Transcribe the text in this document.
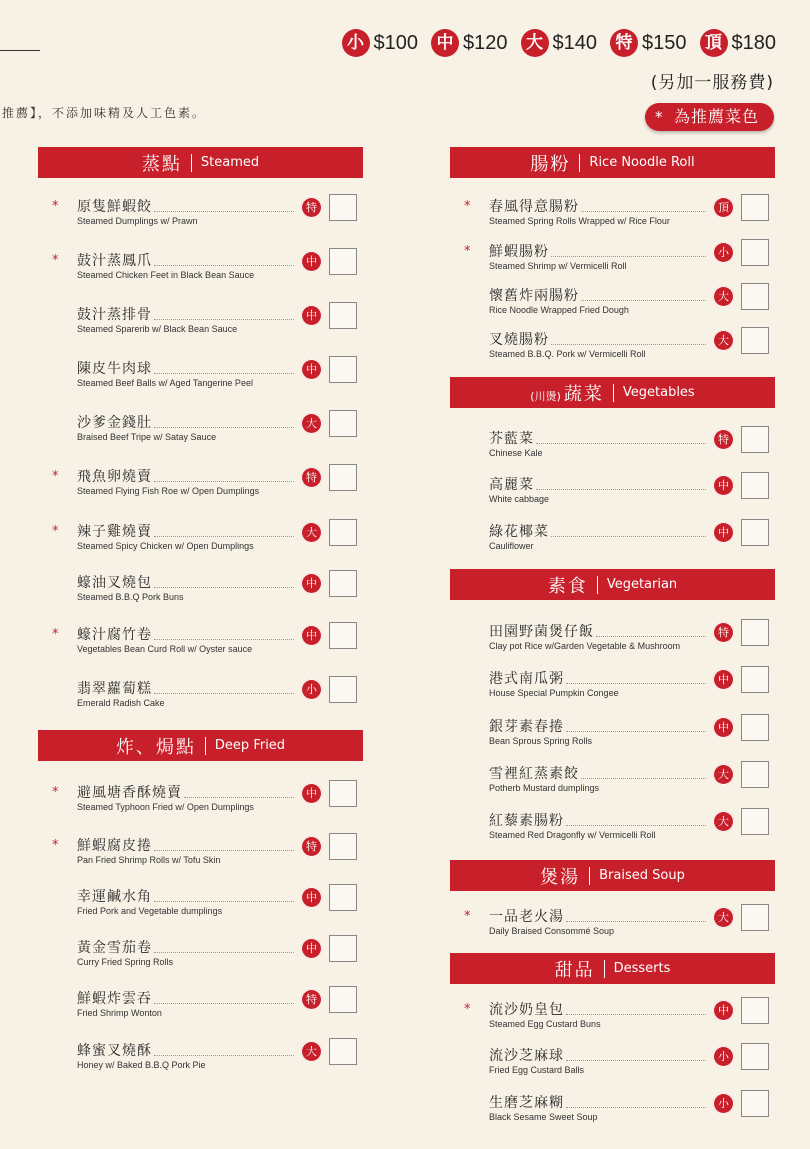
小 $100	中 $120	大 $140	特 $150	頂 $180
(另加一服務費)
推薦】，不添加味精及人工色素。	* 為推薦菜色
蒸點 Steamed
* 原隻鮮蝦餃
Steamed Dumplings w/ Prawn
特
* 鼓汁蒸鳳爪
Steamed Chicken Feet in Black Bean Sauce
中
鼓汁蒸排骨
Steamed Sparerib w/ Black Bean Sauce
中
陳皮牛肉球
Steamed Beef Balls w/ Aged Tangerine Peel
中
沙爹金錢肚
Braised Beef Tripe w/ Satay Sauce
大
* 飛魚卵燒賣
Steamed Flying Fish Roe w/ Open Dumplings
特
* 辣子雞燒賣
Steamed Spicy Chicken w/ Open Dumplings
大
蠔油叉燒包
Steamed B.B.Q Pork Buns
中
* 蠔汁腐竹卷
Vegetables Bean Curd Roll w/ Oyster sauce
中
翡翠蘿蔔糕
Emerald Radish Cake
小
炸、焗點 Deep Fried
* 避風塘香酥燒賣
Steamed Typhoon Fried w/ Open Dumplings
中
* 鮮蝦腐皮捲
Pan Fried Shrimp Rolls w/ Tofu Skin
特
幸運鹹水角
Fried Pork and Vegetable dumplings
中
黃金雪茄卷
Curry Fried Spring Rolls
中
鮮蝦炸雲吞
Fried Shrimp Wonton
特
蜂蜜叉燒酥
Honey w/ Baked B.B.Q Pork Pie
大
腸粉 Rice Noodle Roll
* 春風得意腸粉
Steamed Spring Rolls Wrapped w/ Rice Flour
頂
* 鮮蝦腸粉
Steamed Shrimp w/ Vermicelli Roll
小
懷舊炸兩腸粉
Rice Noodle Wrapped Fried Dough
大
叉燒腸粉
Steamed B.B.Q. Pork w/ Vermicelli Roll
大
(川燙) 蔬菜 Vegetables
芥藍菜
Chinese Kale
特
高麗菜
White cabbage
中
綠花椰菜
Cauliflower
中
素食 Vegetarian
田園野菌煲仔飯
Clay pot Rice w/Garden Vegetable & Mushroom
特
港式南瓜粥
House Special Pumpkin Congee
中
銀芽素春捲
Bean Sprous Spring Rolls
中
雪裡紅蒸素餃
Potherb Mustard dumplings
大
紅藜素腸粉
Steamed Red Dragonfly w/ Vermicelli Roll
大
煲湯 Braised Soup
* 一品老火湯
Daily Braised Consommé Soup
大
甜品 Desserts
* 流沙奶皇包
Steamed Egg Custard Buns
中
流沙芝麻球
Fried Egg Custard Balls
小
生磨芝麻糊
Black Sesame Sweet Soup
小
